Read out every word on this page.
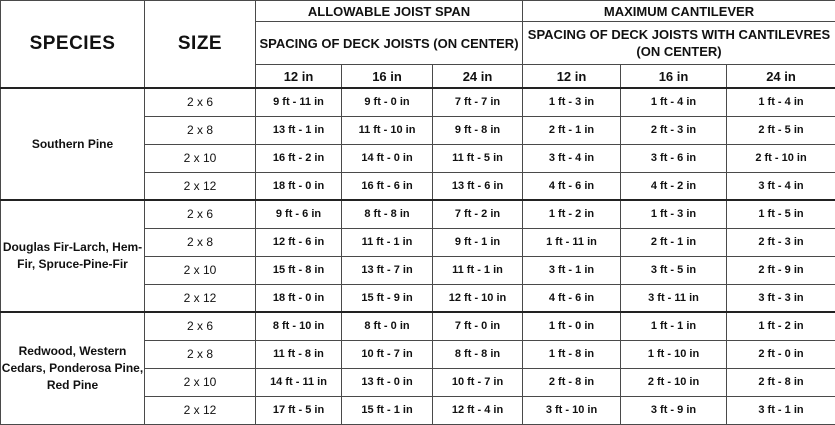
SPECIES	SIZE	ALLOWABLE JOIST SPAN			MAXIMUM CANTILEVER		
		SPACING OF DECK JOISTS (ON CENTER)			SPACING OF DECK JOISTS WITH CANTILEVRES (ON CENTER)		
		12 in	16 in	24 in	12 in	16 in	24 in
Southern Pine	2 x 6	9 ft - 11 in	9 ft - 0 in	7 ft - 7 in	1 ft - 3 in	1 ft - 4 in	1 ft - 4 in
	2 x 8	13 ft - 1 in	11 ft - 10 in	9 ft - 8 in	2 ft - 1 in	2 ft - 3 in	2 ft - 5 in
	2 x 10	16 ft - 2 in	14 ft - 0 in	11 ft - 5 in	3 ft - 4 in	3 ft - 6 in	2 ft - 10 in
	2 x 12	18 ft - 0 in	16 ft - 6 in	13 ft - 6 in	4 ft - 6 in	4 ft - 2 in	3 ft - 4 in
Douglas Fir-Larch, Hem-Fir, Spruce-Pine-Fir	2 x 6	9 ft - 6 in	8 ft - 8 in	7 ft - 2 in	1 ft - 2 in	1 ft - 3 in	1 ft - 5 in
	2 x 8	12 ft - 6 in	11 ft - 1 in	9 ft - 1 in	1 ft - 11 in	2 ft - 1 in	2 ft - 3 in
	2 x 10	15 ft - 8 in	13 ft - 7 in	11 ft - 1 in	3 ft - 1 in	3 ft - 5 in	2 ft - 9 in
	2 x 12	18 ft - 0 in	15 ft - 9 in	12 ft - 10 in	4 ft - 6 in	3 ft - 11 in	3 ft - 3 in
Redwood, Western Cedars, Ponderosa Pine, Red Pine	2 x 6	8 ft - 10 in	8 ft - 0 in	7 ft - 0 in	1 ft - 0 in	1 ft - 1 in	1 ft - 2 in
	2 x 8	11 ft - 8 in	10 ft - 7 in	8 ft - 8 in	1 ft - 8 in	1 ft - 10 in	2 ft - 0 in
	2 x 10	14 ft - 11 in	13 ft - 0 in	10 ft - 7 in	2 ft - 8 in	2 ft - 10 in	2 ft - 8 in
	2 x 12	17 ft - 5 in	15 ft - 1 in	12 ft - 4 in	3 ft - 10 in	3 ft - 9 in	3 ft - 1 in
